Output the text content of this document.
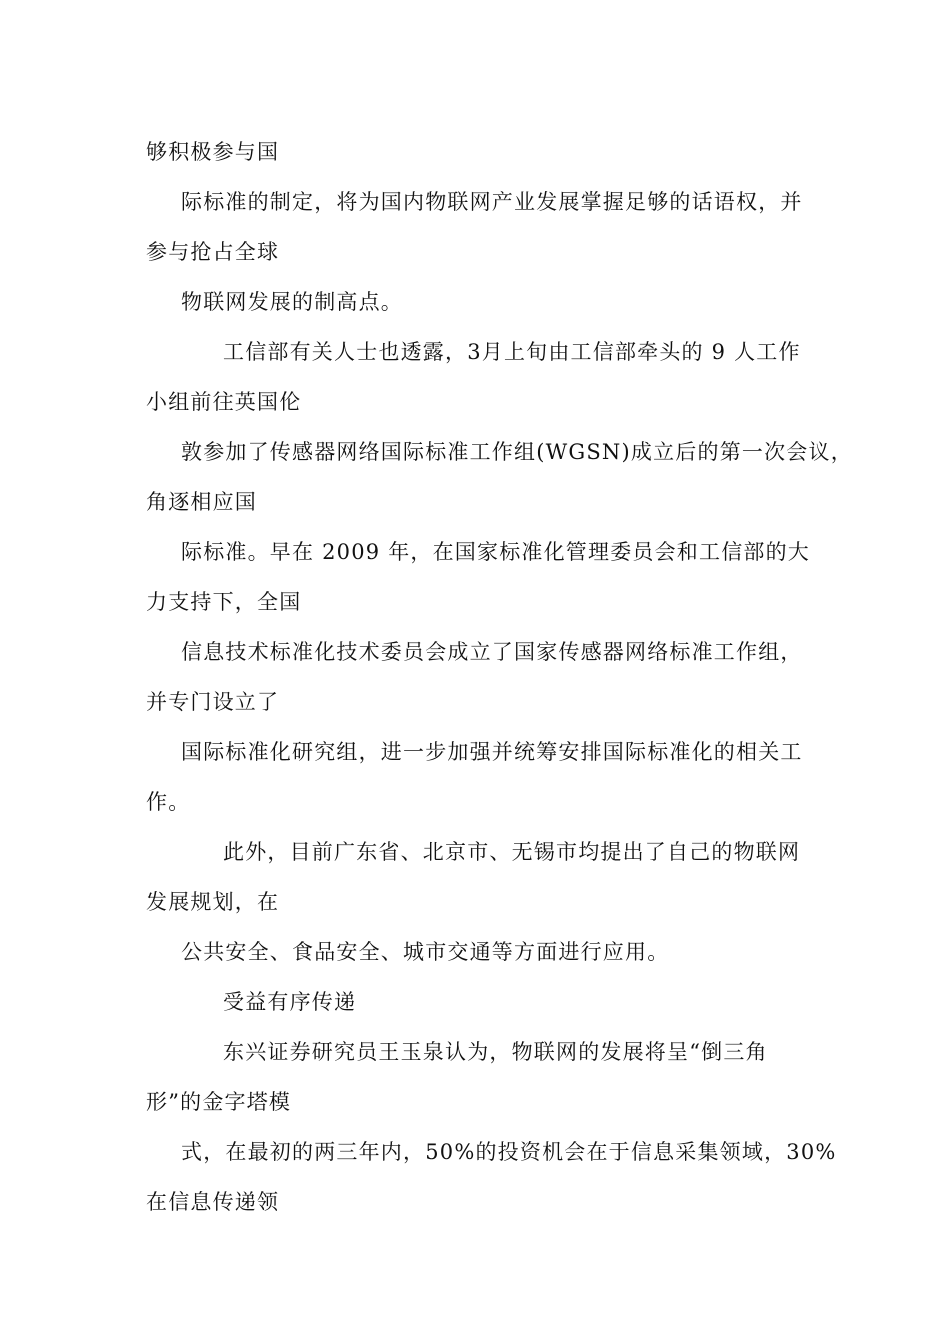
够积极参与国
际标准的制定，将为国内物联网产业发展掌握足够的话语权，并
参与抢占全球
物联网发展的制高点。
工信部有关人士也透露，3月上旬由工信部牵头的 9 人工作
小组前往英国伦
敦参加了传感器网络国际标准工作组(WGSN)成立后的第一次会议，
角逐相应国
际标准。早在 2009 年，在国家标准化管理委员会和工信部的大
力支持下，全国
信息技术标准化技术委员会成立了国家传感器网络标准工作组，
并专门设立了
国际标准化研究组，进一步加强并统筹安排国际标准化的相关工
作。
此外，目前广东省、北京市、无锡市均提出了自己的物联网
发展规划，在
公共安全、食品安全、城市交通等方面进行应用。
受益有序传递
东兴证券研究员王玉泉认为，物联网的发展将呈“倒三角
形”的金字塔模
式，在最初的两三年内，50%的投资机会在于信息采集领域，30%
在信息传递领
